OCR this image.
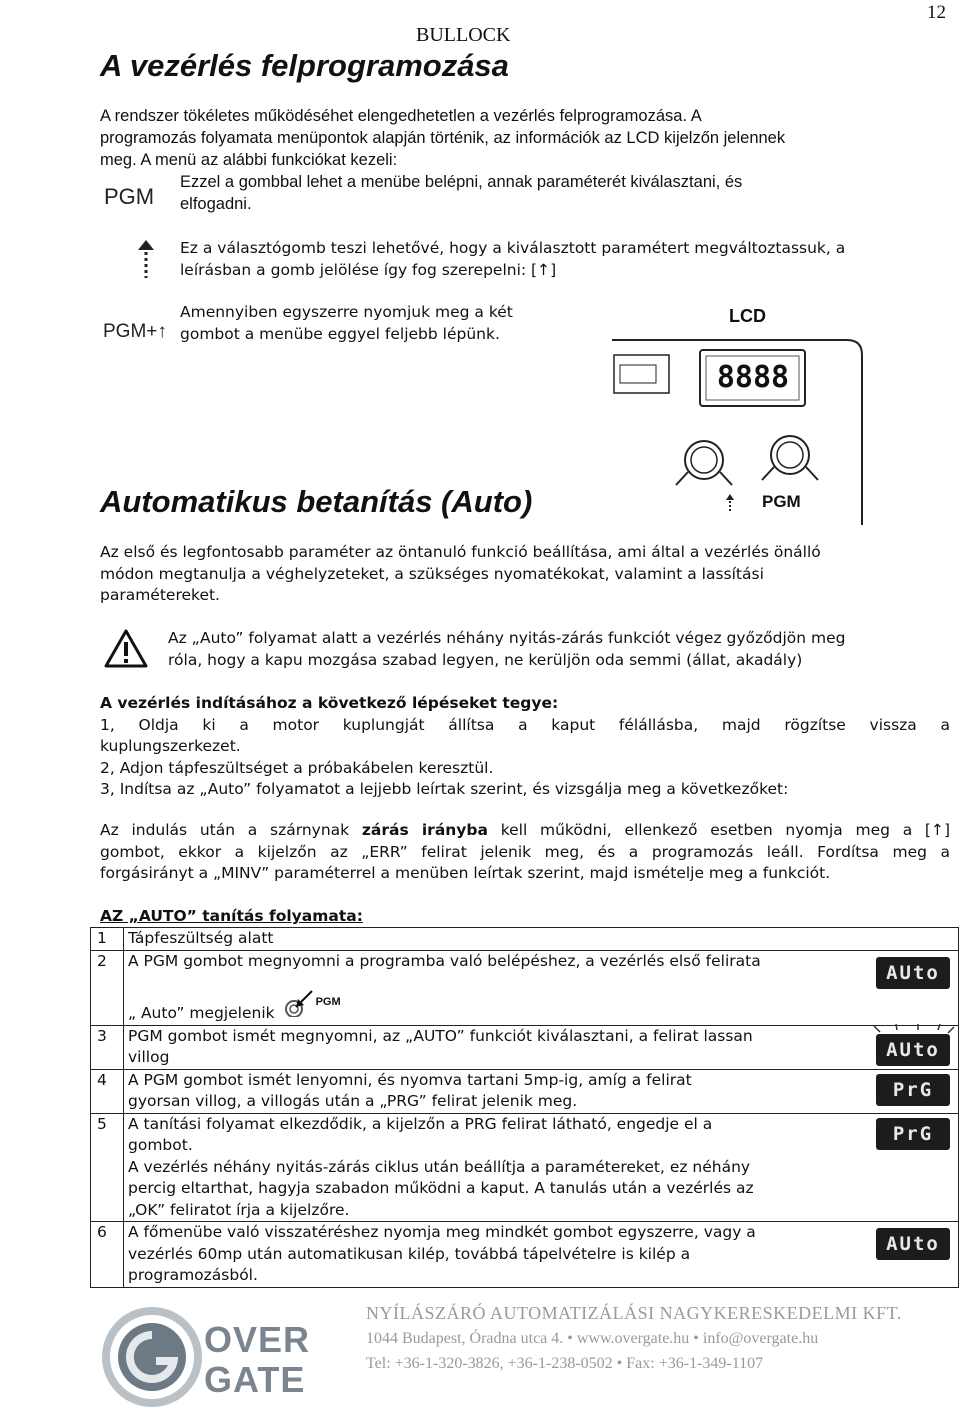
12
BULLOCK
A vezérlés felprogramozása
A rendszer tökéletes működéséhet elengedhetetlen a vezérlés felprogramozása. A
programozás folyamata menüpontok alapján történik, az információk az LCD kijelzőn jelennek
meg. A menü az alábbi funkciókat kezeli:
PGM
Ezzel a gombbal lehet a menübe belépni, annak paraméterét kiválasztani, és
elfogadni.
Ez a választógomb teszi lehetővé, hogy a kiválasztott paramétert megváltoztassuk, a
leírásban a gomb jelölése így fog szerepelni: [↑]
PGM+↑
Amennyiben egyszerre nyomjuk meg a két
gombot a menübe eggyel feljebb lépünk.
LCD
8888
PGM
Automatikus betanítás (Auto)
Az első és legfontosabb paraméter az öntanuló funkció beállítása, ami által a vezérlés önálló
módon megtanulja a véghelyzeteket, a szükséges nyomatékokat, valamint a lassítási
paramétereket.
Az „Auto” folyamat alatt a vezérlés néhány nyitás-zárás funkciót végez győződjön meg
róla, hogy a kapu mozgása szabad legyen, ne kerüljön oda semmi (állat, akadály)
A vezérlés indításához a következő lépéseket tegye:
1, Oldja ki a motor kuplungját állítsa a kaput félállásba, majd rögzítse vissza a
kuplungszerkezet.
2, Adjon tápfeszültséget a próbakábelen keresztül.
3, Indítsa az „Auto” folyamatot a lejjebb leírtak szerint, és vizsgálja meg a következőket:
Az indulás után a szárnynak zárás irányba kell működni, ellenkező esetben nyomja meg a [↑]
gombot, ekkor a kijelzőn az „ERR” felirat jelenik meg, és a programozás leáll. Fordítsa meg a
forgásirányt a „MINV” paraméterrel a menüben leírtak szerint, majd ismételje meg a funkciót.
AZ „AUTO” tanítás folyamata:
1	Tápfeszültség alatt	

2	A PGM gombot megnyomni a programba való belépéshez, a vezérlés első felirata
„ Auto” megjelenik
PGM	AUto

3	PGM gombot ismét megnyomni, az „AUTO” funkciót kiválasztani, a felirat lassan
villog	AUto

4	A PGM gombot ismét lenyomni, és nyomva tartani 5mp-ig, amíg a felirat
gyorsan villog, a villogás után a „PRG” felirat jelenik meg.	PrG

5	A tanítási folyamat elkezdődik, a kijelzőn a PRG felirat látható, engedje el a
gombot.
A vezérlés néhány nyitás-zárás ciklus után beállítja a paramétereket, ez néhány
percig eltarthat, hagyja szabadon működni a kaput. A tanulás után a vezérlés az
„OK” feliratot írja a kijelzőre.	PrG

6	A főmenübe való visszatéréshez nyomja meg mindkét gombot egyszerre, vagy a
vezérlés 60mp után automatikusan kilép, továbbá tápelvételre is kilép a
programozásból.	AUto
OVER
GATE
NYÍLÁSZÁRÓ AUTOMATIZÁLÁSI NAGYKERESKEDELMI KFT.
1044 Budapest, Óradna utca 4. • www.overgate.hu • info@overgate.hu
Tel: +36-1-320-3826, +36-1-238-0502 • Fax: +36-1-349-1107
